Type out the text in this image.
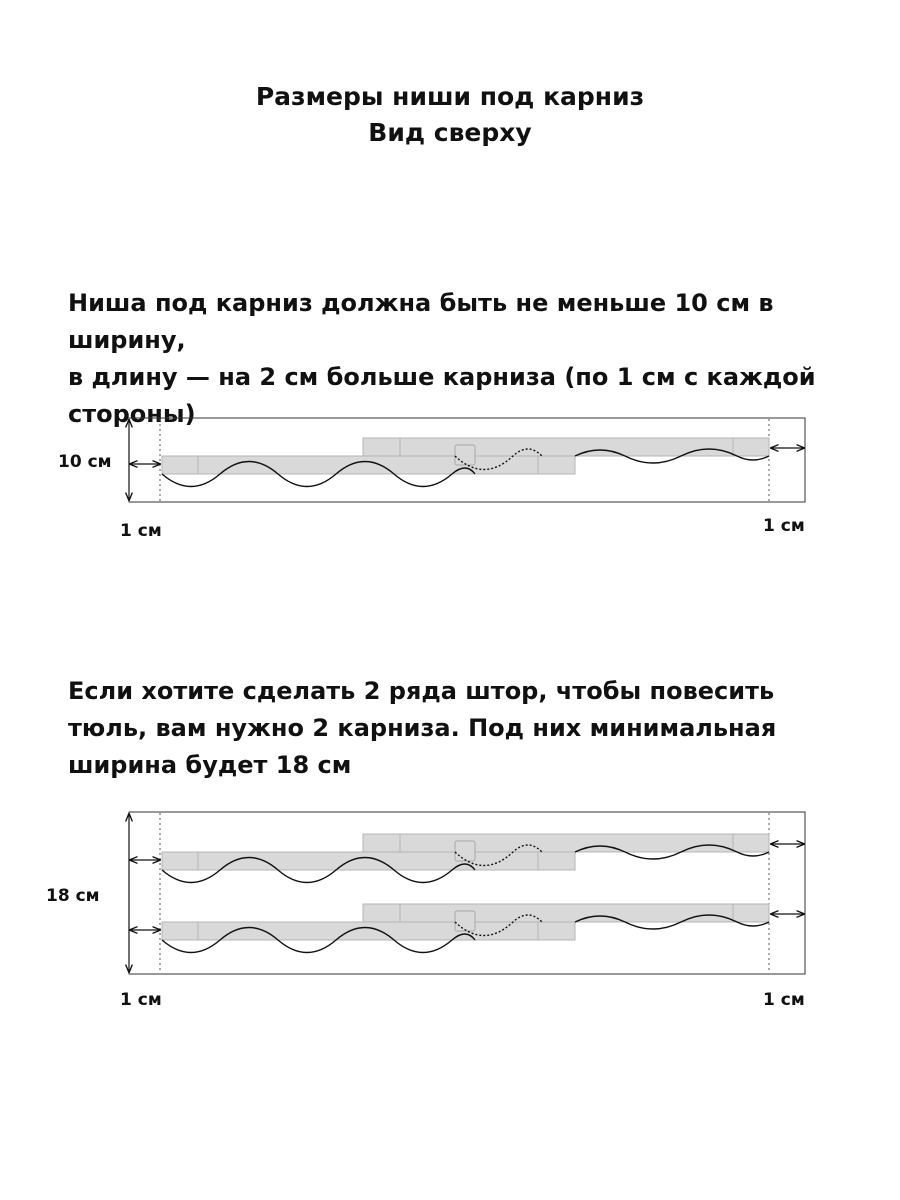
Размеры ниши под карниз
Вид сверху
Ниша под карниз должна быть не меньше 10 см в ширину,
в длину — на 2 см больше карниза (по 1 см с каждой
стороны)
Если хотите сделать 2 ряда штор, чтобы повесить
тюль, вам нужно 2 карниза. Под них минимальная
ширина будет 18 см
10 см
1 см	1 см
18 см
1 см	1 см
